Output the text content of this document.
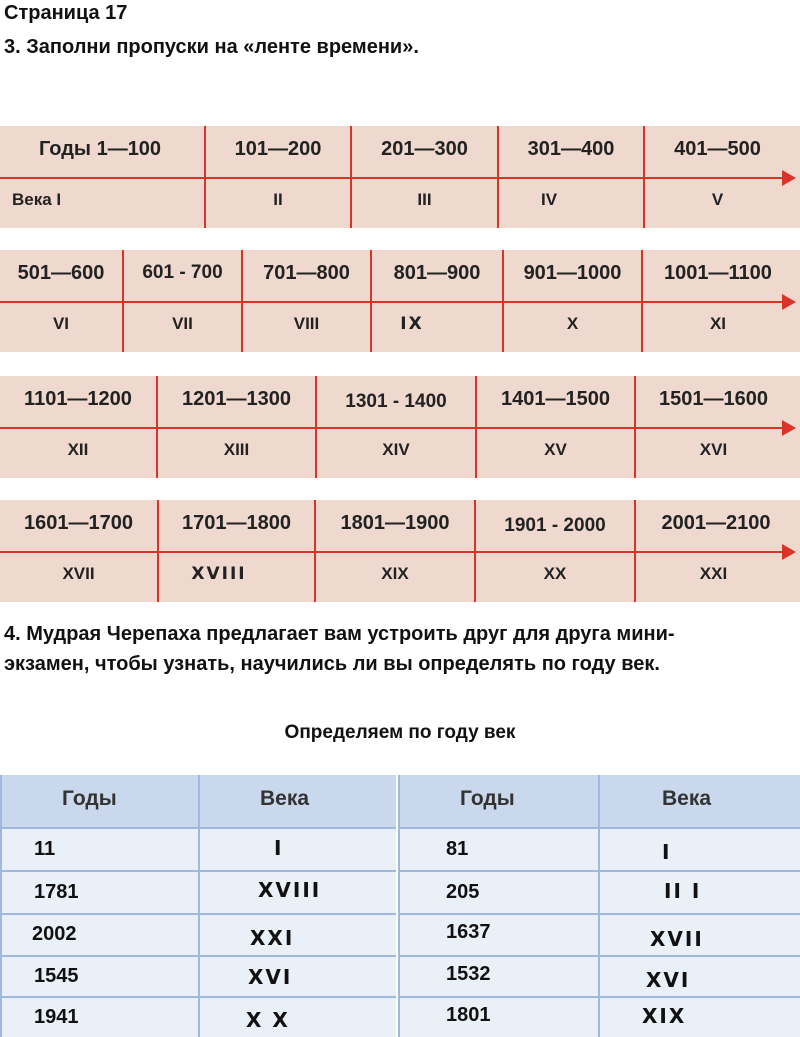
Страница 17
3. Заполни пропуски на «ленте времени».
Годы 1—100	101—200	201—300	301—400	401—500
Века I	II	III	IV	V
501—600	601 - 700	701—800	801—900	901—1000	1001—1100
VI	VII	VIII	IX	X	XI
1101—1200	1201—1300	1301 - 1400	1401—1500	1501—1600
XII	XIII	XIV	XV	XVI
1601—1700	1701—1800	1801—1900	1901 - 2000	2001—2100
XVII	XVIII	XIX	XX	XXI
4. Мудрая Черепаха предлагает вам устроить друг для друга мини-
экзамен, чтобы узнать, научились ли вы определять по году век.
Определяем по году век
Годы	Века
11	I
1781	XVIII
2002	XXI
1545	XVI
1941	X X
Годы	Века
81	I
205	II I
1637	XVII
1532	XVI
1801	XIX
